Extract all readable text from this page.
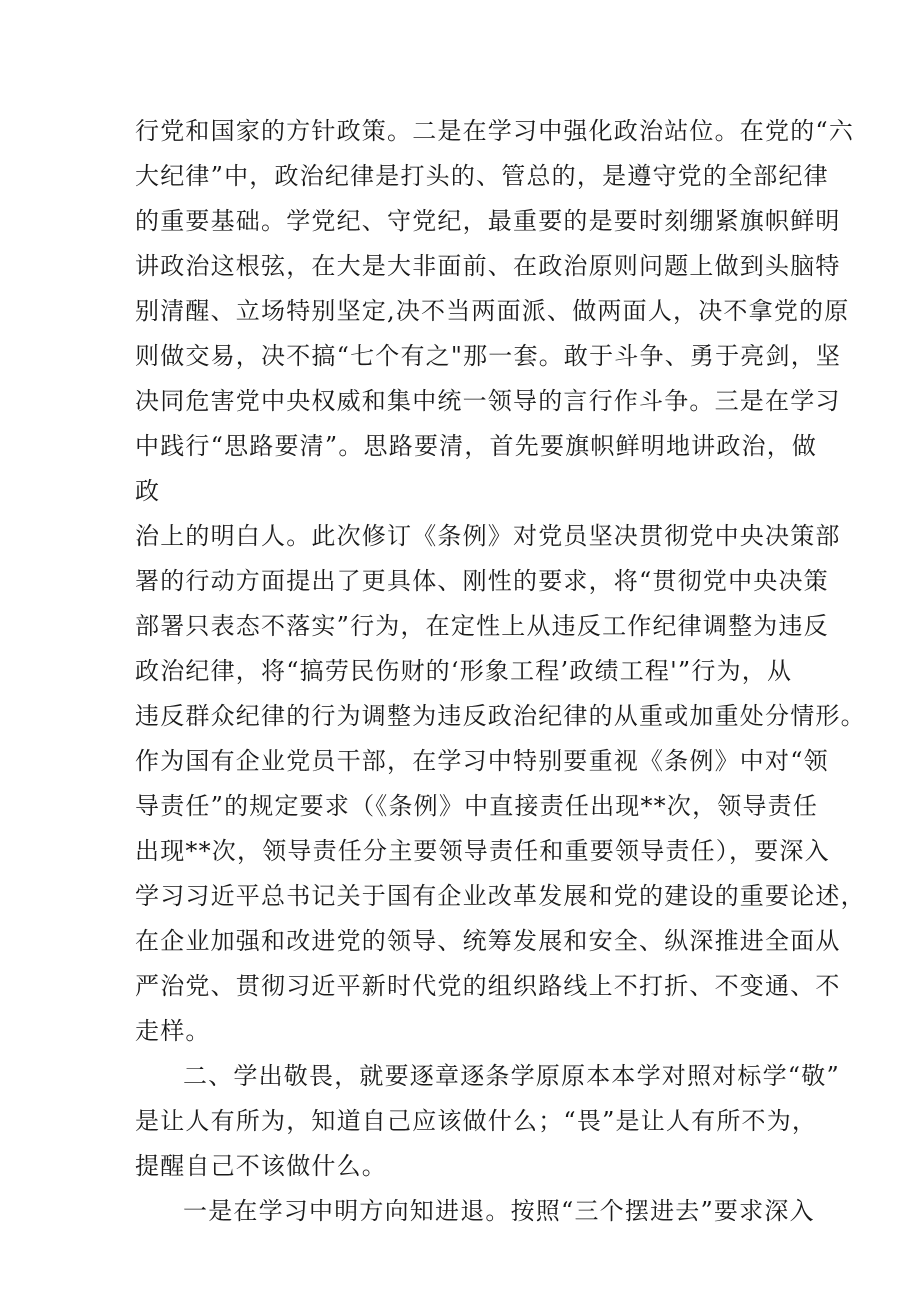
行党和国家的方针政策。二是在学习中强化政治站位。在党的“六

大纪律”中，政治纪律是打头的、管总的，是遵守党的全部纪律

的重要基础。学党纪、守党纪，最重要的是要时刻绷紧旗帜鲜明

讲政治这根弦，在大是大非面前、在政治原则问题上做到头脑特

别清醒、立场特别坚定,决不当两面派、做两面人，决不拿党的原

则做交易，决不搞“七个有之"那一套。敢于斗争、勇于亮剑，坚

决同危害党中央权威和集中统一领导的言行作斗争。三是在学习

中践行“思路要清”。思路要清，首先要旗帜鲜明地讲政治，做

政

治上的明白人。此次修订《条例》对党员坚决贯彻党中央决策部

署的行动方面提出了更具体、刚性的要求，将“贯彻党中央决策

部署只表态不落实”行为，在定性上从违反工作纪律调整为违反

政治纪律，将“搞劳民伤财的‘形象工程’政绩工程'”行为，从

违反群众纪律的行为调整为违反政治纪律的从重或加重处分情形。

作为国有企业党员干部，在学习中特别要重视《条例》中对“领

导责任”的规定要求（《条例》中直接责任出现**次，领导责任

出现**次，领导责任分主要领导责任和重要领导责任），要深入

学习习近平总书记关于国有企业改革发展和党的建设的重要论述，

在企业加强和改进党的领导、统筹发展和安全、纵深推进全面从

严治党、贯彻习近平新时代党的组织路线上不打折、不变通、不

走样。

二、学出敬畏，就要逐章逐条学原原本本学对照对标学“敬”

是让人有所为，知道自己应该做什么；“畏”是让人有所不为，

提醒自己不该做什么。

一是在学习中明方向知进退。按照“三个摆进去”要求深入
